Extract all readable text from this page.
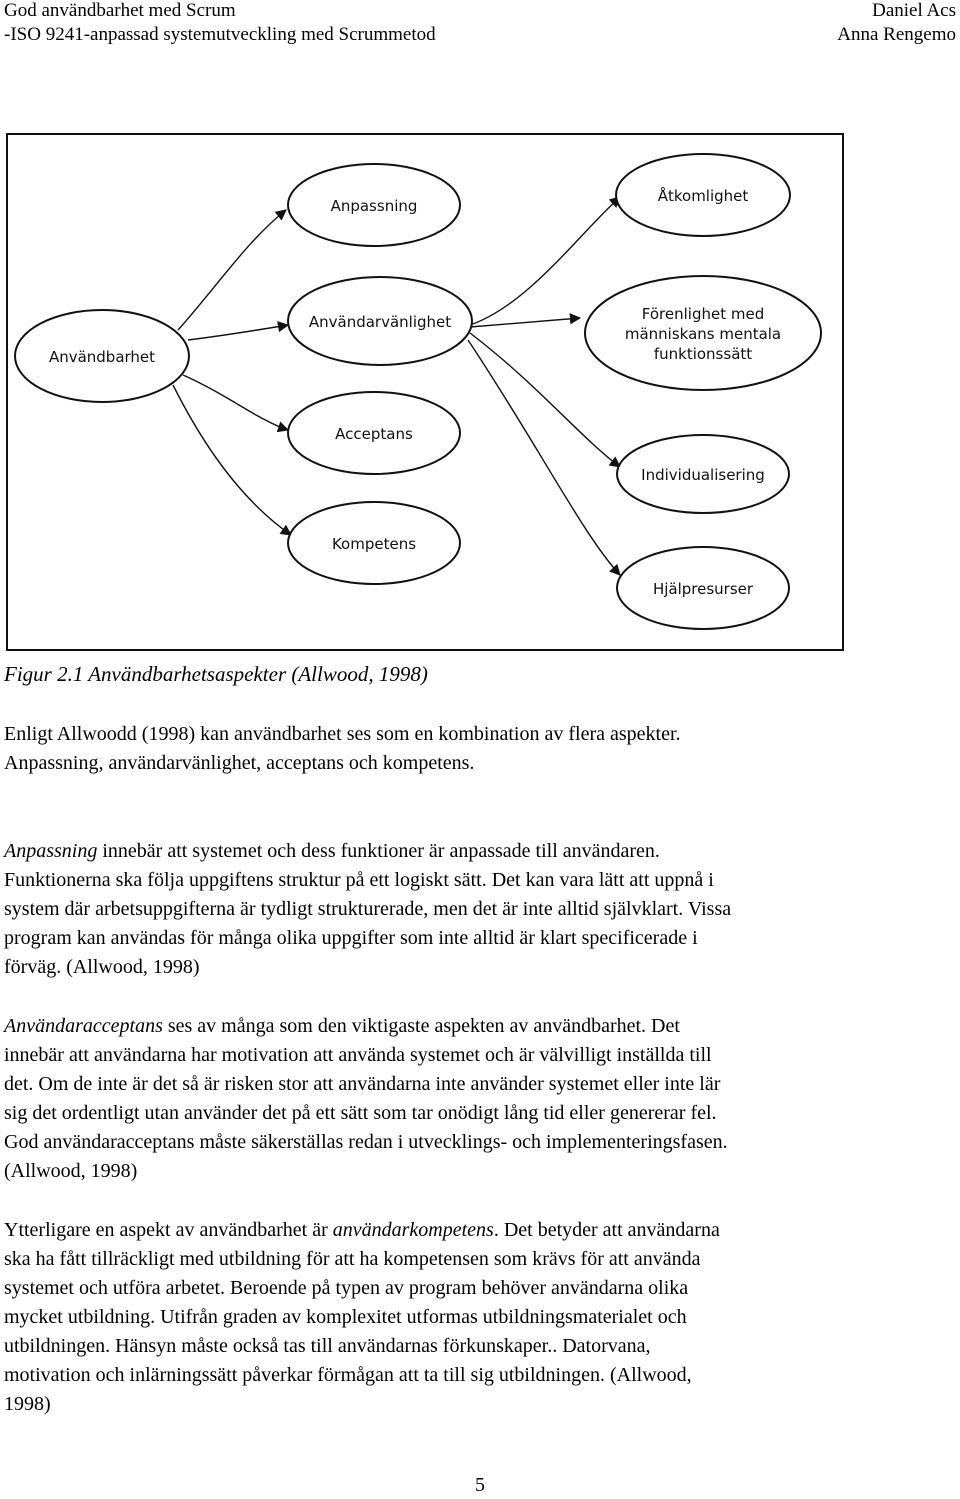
God användbarhet med Scrum
-ISO 9241-anpassad systemutveckling med Scrummetod
Daniel Acs
Anna Rengemo
Användbarhet
Anpassning
Användarvänlighet
Acceptans
Kompetens
Åtkomlighet
Förenlighet med
människans mentala
funktionssätt
Individualisering
Hjälpresurser
Figur 2.1 Användbarhetsaspekter (Allwood, 1998)
Enligt Allwoodd (1998) kan användbarhet ses som en kombination av flera aspekter.
Anpassning, användarvänlighet, acceptans och kompetens.
Anpassning innebär att systemet och dess funktioner är anpassade till användaren.
Funktionerna ska följa uppgiftens struktur på ett logiskt sätt. Det kan vara lätt att uppnå i
system där arbetsuppgifterna är tydligt strukturerade, men det är inte alltid självklart. Vissa
program kan användas för många olika uppgifter som inte alltid är klart specificerade i
förväg. (Allwood, 1998)
Användaracceptans ses av många som den viktigaste aspekten av användbarhet. Det
innebär att användarna har motivation att använda systemet och är välvilligt inställda till
det. Om de inte är det så är risken stor att användarna inte använder systemet eller inte lär
sig det ordentligt utan använder det på ett sätt som tar onödigt lång tid eller genererar fel.
God användaracceptans måste säkerställas redan i utvecklings- och implementeringsfasen.
(Allwood, 1998)
Ytterligare en aspekt av användbarhet är användarkompetens. Det betyder att användarna
ska ha fått tillräckligt med utbildning för att ha kompetensen som krävs för att använda
systemet och utföra arbetet. Beroende på typen av program behöver användarna olika
mycket utbildning. Utifrån graden av komplexitet utformas utbildningsmaterialet och
utbildningen. Hänsyn måste också tas till användarnas förkunskaper.. Datorvana,
motivation och inlärningssätt påverkar förmågan att ta till sig utbildningen. (Allwood,
1998)
5
